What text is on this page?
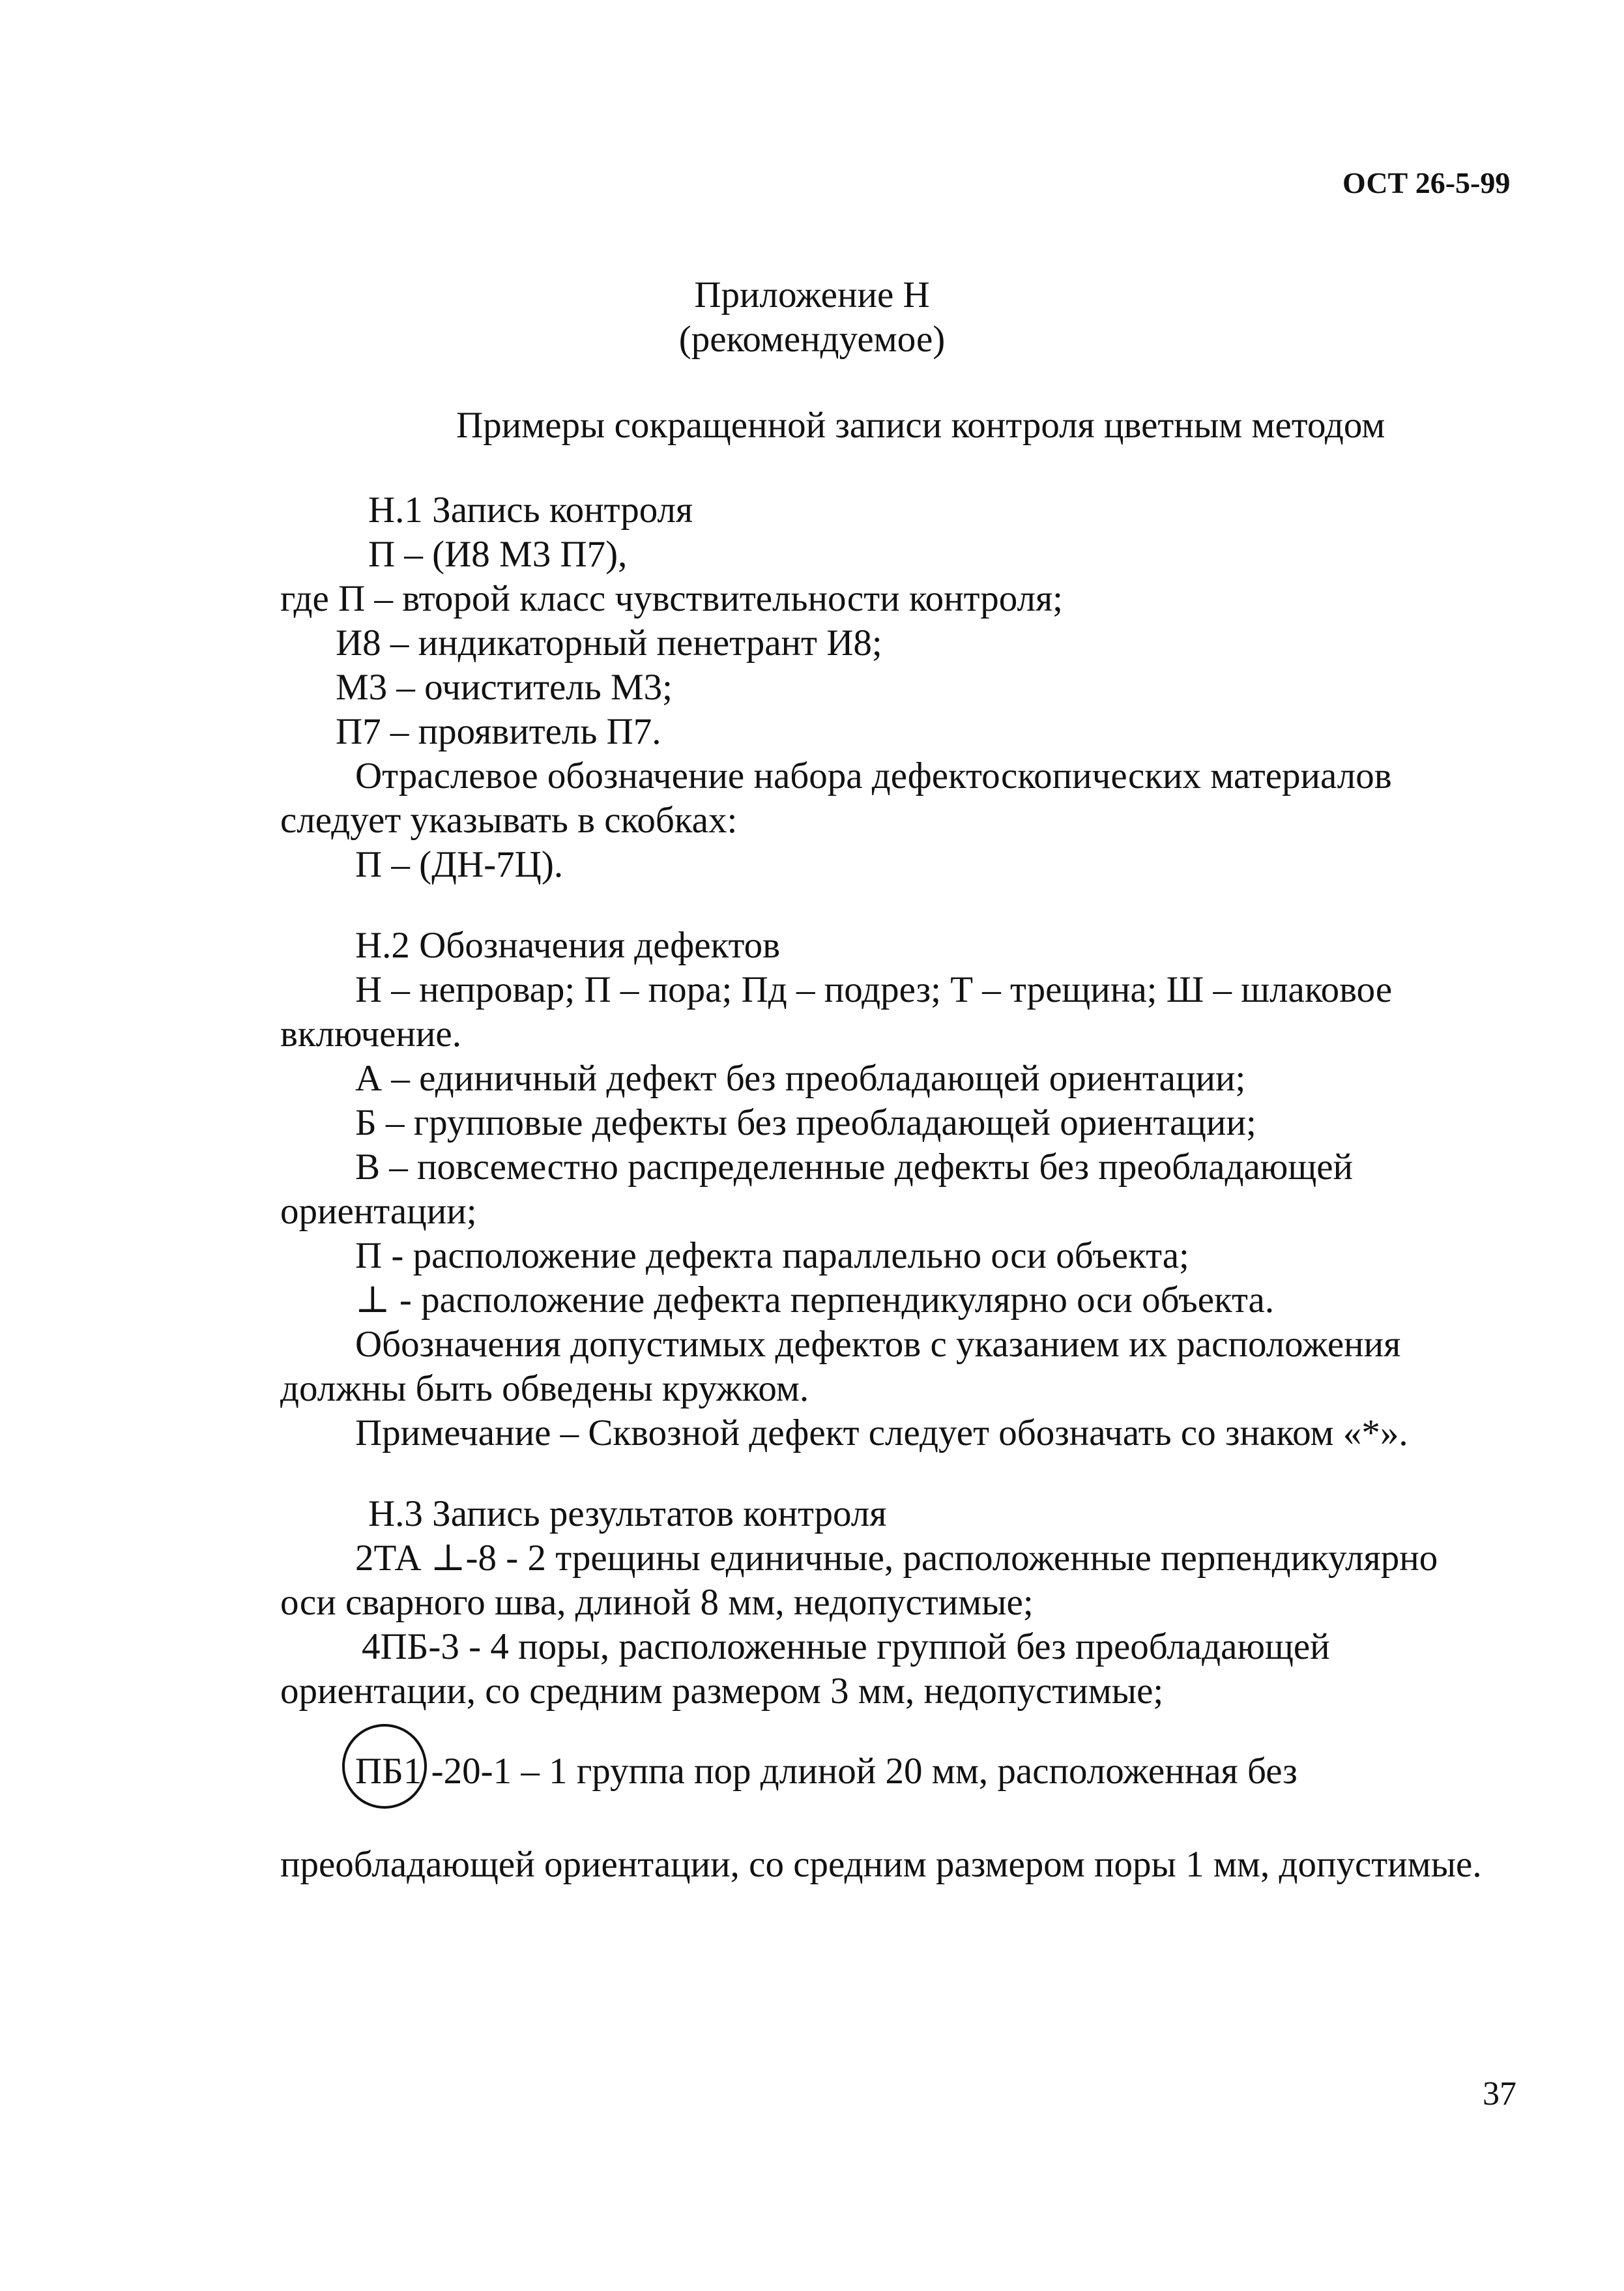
ОСТ 26-5-99
Приложение Н
(рекомендуемое)
Примеры сокращенной записи контроля цветным методом
Н.1 Запись контроля
П – (И8 М3 П7),
где П – второй класс чувствительности контроля;
И8 – индикаторный пенетрант И8;
М3 – очиститель М3;
П7 – проявитель П7.
Отраслевое обозначение набора дефектоскопических материалов
следует указывать в скобках:
П – (ДН-7Ц).
Н.2 Обозначения дефектов
Н – непровар; П – пора; Пд – подрез; Т – трещина; Ш – шлаковое
включение.
А – единичный дефект без преобладающей ориентации;
Б – групповые дефекты без преобладающей ориентации;
В – повсеместно распределенные дефекты без преобладающей
ориентации;
П - расположение дефекта параллельно оси объекта;
⊥ - расположение дефекта перпендикулярно оси объекта.
Обозначения допустимых дефектов с указанием их расположения
должны быть обведены кружком.
Примечание – Сквозной дефект следует обозначать со знаком «*».
Н.3 Запись результатов контроля
2ТА ⊥-8 - 2 трещины единичные, расположенные перпендикулярно
оси сварного шва, длиной 8 мм, недопустимые;
4ПБ-3 - 4 поры, расположенные группой без преобладающей
ориентации, со средним размером 3 мм, недопустимые;
ПБ1 -20-1 – 1 группа пор длиной 20 мм, расположенная без
преобладающей ориентации, со средним размером поры 1 мм, допустимые.
37
